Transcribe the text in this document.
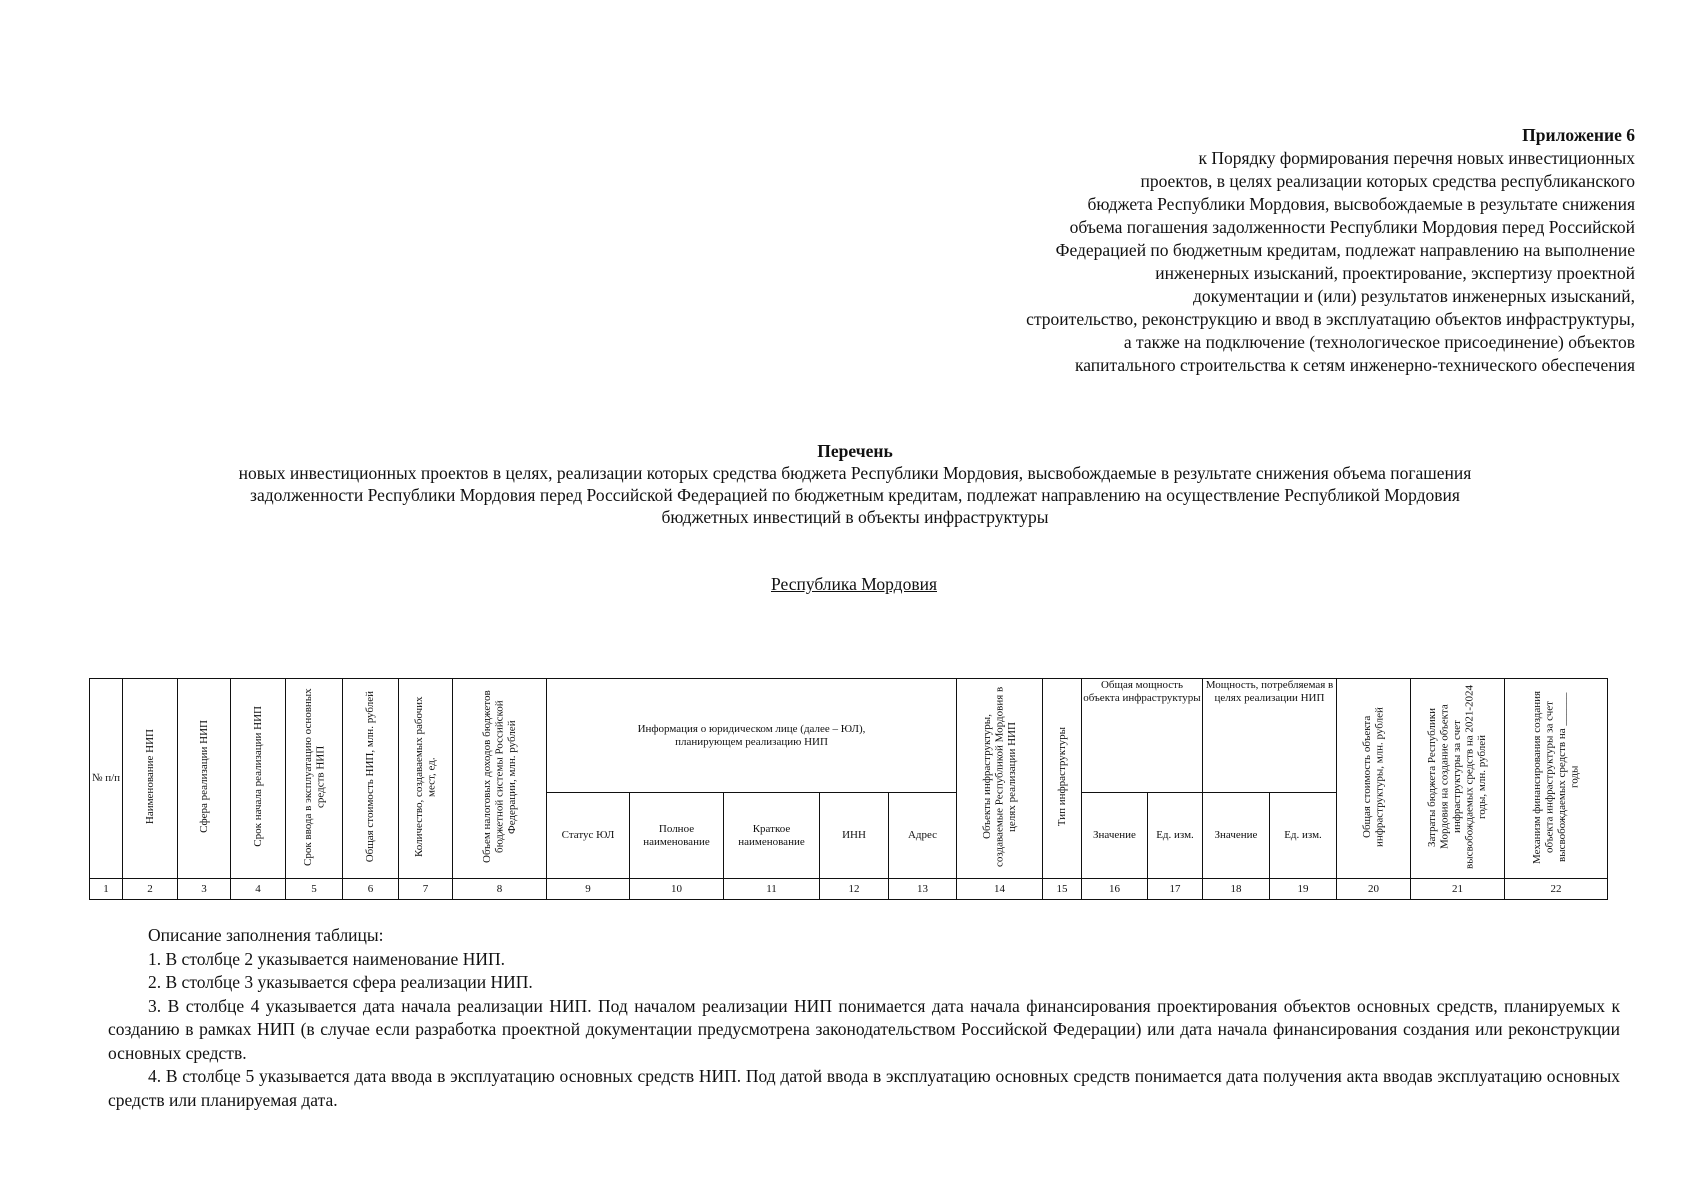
Приложение 6
к Порядку формирования перечня новых инвестиционных
проектов, в целях реализации которых средства республиканского
бюджета Республики Мордовия, высвобождаемые в результате снижения
объема погашения задолженности Республики Мордовия перед Российской
Федерацией по бюджетным кредитам, подлежат направлению на выполнение
инженерных изысканий, проектирование, экспертизу проектной
документации и (или) результатов инженерных изысканий,
строительство, реконструкцию и ввод в эксплуатацию объектов инфраструктуры,
а также на подключение (технологическое присоединение) объектов
капитального строительства к сетям инженерно-технического обеспечения
Перечень
новых инвестиционных проектов в целях, реализации которых средства бюджета Республики Мордовия, высвобождаемые в результате снижения объема погашения
задолженности Республики Мордовия перед Российской Федерацией по бюджетным кредитам, подлежат направлению на осуществление Республикой Мордовия
бюджетных инвестиций в объекты инфраструктуры
Республика Мордовия
№ п/п	Наименование НИП	Сфера реализации НИП	Срок начала реализации НИП	Срок ввода в эксплуатацию основных средств НИП	Общая стоимость НИП, млн. рублей	Количество, создаваемых рабочих мест, ед.	Объем налоговых доходов бюджетов бюджетной системы Российской Федерации, млн. рублей	Информация о юридическом лице (далее – ЮЛ), планирующем реализацию НИП					Объекты инфраструктуры, создаваемые Республикой Мордовия в целях реализации НИП	Тип инфраструктуры	Общая мощность объекта инфраструктуры		Мощность, потребляемая в целях реализации НИП		Общая стоимость объекта инфраструктуры, млн. рублей	Затраты бюджета Республики Мордовия на создание объекта инфраструктуры за счет высвобождаемых средств на 2021-2024 годы, млн. рублей	Механизм финансирования создания объекта инфраструктуры за счет высвобождаемых средств на ______ годы
								Статус ЮЛ	Полное наименование	Краткое наименование	ИНН	Адрес			Значение	Ед. изм.	Значение	Ед. изм.			
1	2	3	4	5	6	7	8	9	10	11	12	13	14	15	16	17	18	19	20	21	22
Описание заполнения таблицы:

1. В столбце 2 указывается наименование НИП.

2. В столбце 3 указывается сфера реализации НИП.

3. В столбце 4 указывается дата начала реализации НИП. Под началом реализации НИП понимается дата начала финансирования проектирования объектов основных средств, планируемых к созданию в рамках НИП (в случае если разработка проектной документации предусмотрена законодательством Российской Федерации) или дата начала финансирования создания или реконструкции основных средств.

4. В столбце 5 указывается дата ввода в эксплуатацию основных средств НИП. Под датой ввода в эксплуатацию основных средств понимается дата получения акта вводав эксплуатацию основных средств или планируемая дата.
